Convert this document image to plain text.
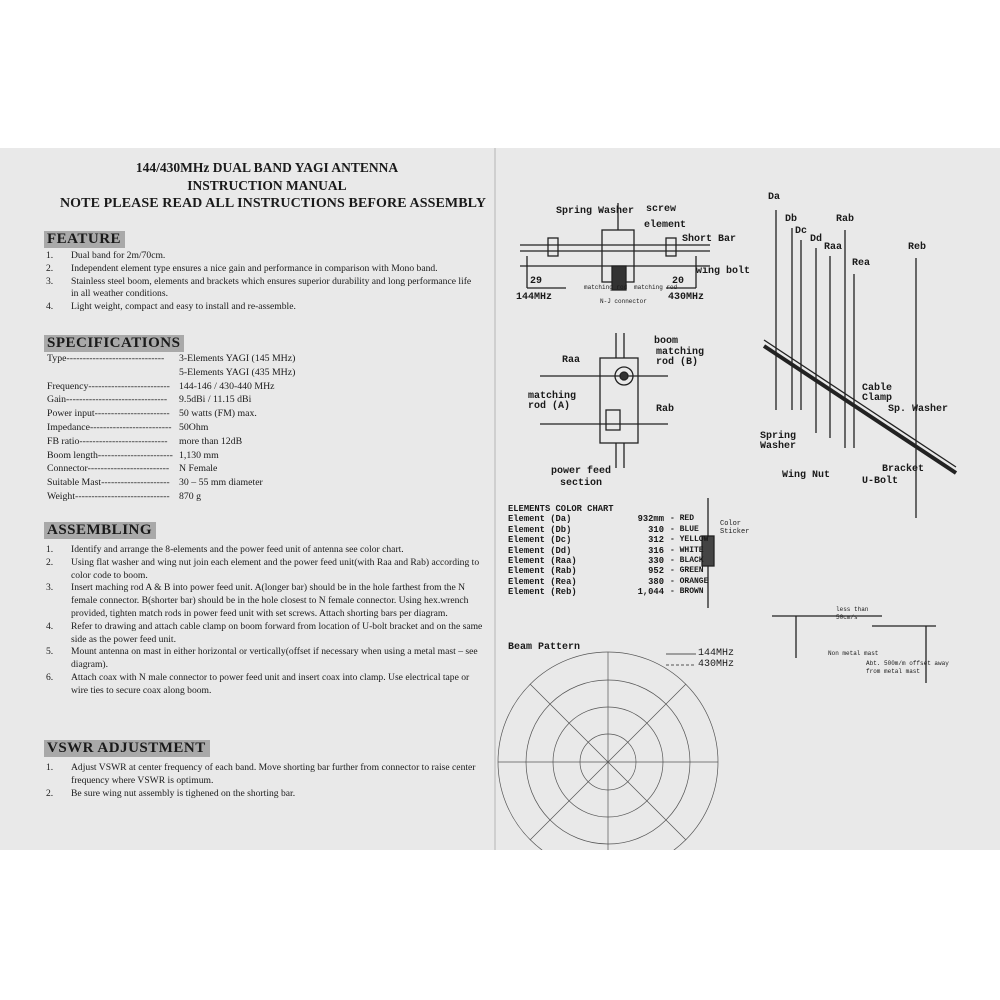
144/430MHz DUAL BAND YAGI ANTENNA
INSTRUCTION MANUAL
NOTE PLEASE READ ALL INSTRUCTIONS BEFORE ASSEMBLY
FEATURE
1. Dual band for 2m/70cm.
2. Independent element type ensures a nice gain and performance in comparison with Mono band.
3. Stainless steel boom, elements and brackets which ensures superior durability and long performance life in all weather conditions.
4. Light weight, compact and easy to install and re-assemble.
SPECIFICATIONS
Type------------------------------	3-Elements YAGI (145 MHz)
5-Elements YAGI (435 MHz)
Frequency------------------------- 144-146 / 430-440 MHz
Gain-------------------------------	9.5dBi / 11.15 dBi
Power input----------------------- 50 watts (FM) max.
Impedance------------------------- 50Ohm
FB ratio---------------------------	more than 12dB
Boom length----------------------- 1,130 mm
Connector-------------------------	N Female
Suitable Mast--------------------- 30 – 55 mm diameter
Weight----------------------------- 870 g
ASSEMBLING
1. Identify and arrange the 8-elements and the power feed unit of antenna see color chart.
2. Using flat washer and wing nut join each element and the power feed unit(with Raa and Rab) according to color code to boom.
3. Insert maching rod A & B into power feed unit. A(longer bar) should be in the hole farthest from the N female connector. B(shorter bar) should be in the hole closest to N female connector. Using hex.wrench provided, tighten match rods in power feed unit with set screws. Attach shorting bars per diagram.
4. Refer to drawing and attach cable clamp on boom forward from location of U-bolt bracket and on the same side as the power feed unit.
5. Mount antenna on mast in either horizontal or vertically(offset if necessary when using a metal mast – see diagram).
6. Attach coax with N male connector to power feed unit and insert coax into clamp. Use electrical tape or wire ties to secure coax along boom.
VSWR ADJUSTMENT
1. Adjust VSWR at center frequency of each band. Move shorting bar further from connector to raise center frequency where VSWR is optimum.
2. Be sure wing nut assembly is tighened on the shorting bar.
Spring Washer screw
element
Short Bar
wing bolt
29	20
144MHz	430MHz
matching rod
N-J connector
matching rod
boom
matching rod (B)
Raa
matching rod (A)	Rab
power feed section
Da
Db
Dc
Dd
Raa
Rab
Rea
Reb
Cable Clamp
Sp. Washer
Spring Washer
Wing Nut
Bracket
U-Bolt
ELEMENTS COLOR CHART
Element (Da)	932mm - RED
Element (Db)	310 - BLUE
Element (Dc)	312 - YELLOW
Element (Dd)	316 - WHITE
Element (Raa)	330 - BLACK
Element (Rab)	952 - GREEN
Element (Rea)	380 - ORANGE
Element (Reb)	1,044 - BROWN
Color Sticker
less than 50cm/s
Non metal mast
Abt. 500m/m offset away from metal mast
Beam Pattern
144MHz
430MHz
